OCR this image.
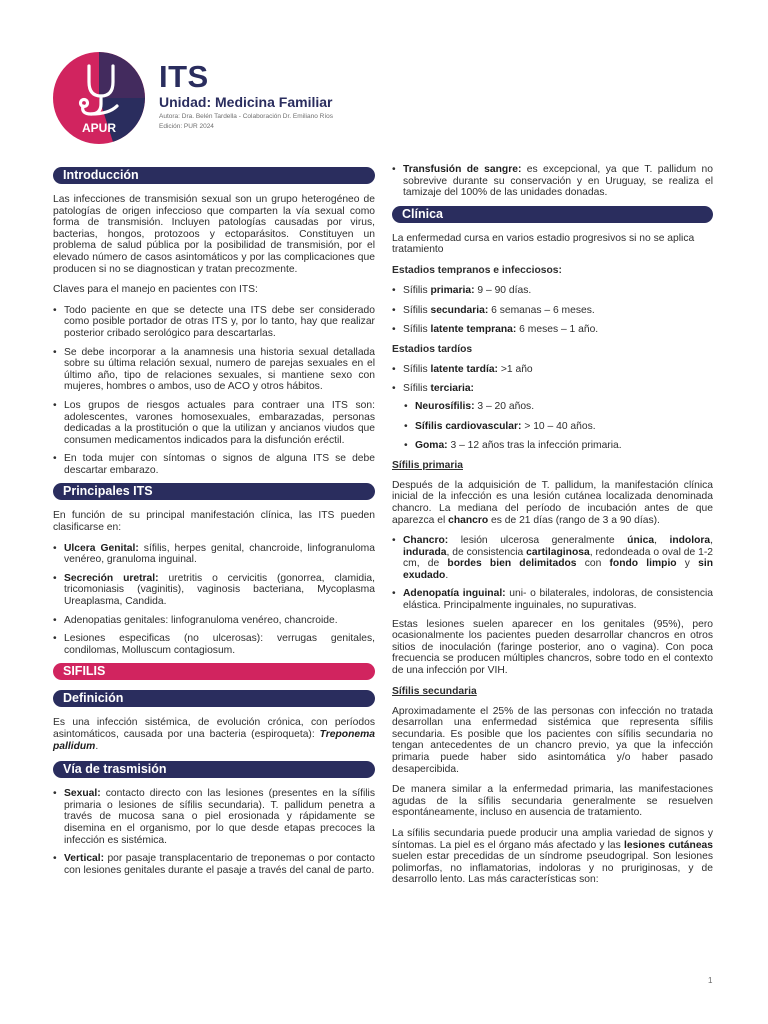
APUR
ITS
Unidad: Medicina Familiar
Autora: Dra. Belén Tardella - Colaboración Dr. Emiliano Ríos
Edición: PUR 2024
Introducción

Las infecciones de transmisión sexual son un grupo heterogéneo de patologías de origen infeccioso que comparten la vía sexual como forma de transmisión. Incluyen patologías causadas por virus, bacterias, hongos, protozoos y ectoparásitos. Constituyen un problema de salud pública por la posibilidad de transmisión, por el elevado número de casos asintomáticos y por las complicaciones que producen si no se diagnostican y tratan precozmente.

Claves para el manejo en pacientes con ITS:

• Todo paciente en que se detecte una ITS debe ser considerado como posible portador de otras ITS y, por lo tanto, hay que realizar posterior cribado serológico para descartarlas.
• Se debe incorporar a la anamnesis una historia sexual detallada sobre su última relación sexual, numero de parejas sexuales en el último año, tipo de relaciones sexuales, si mantiene sexo con mujeres, hombres o ambos, uso de ACO y otros hábitos.
• Los grupos de riesgos actuales para contraer una ITS son: adolescentes, varones homosexuales, embarazadas, personas dedicadas a la prostitución o que la utilizan y ancianos viudos que consumen medicamentos indicados para la disfunción eréctil.
• En toda mujer con síntomas o signos de alguna ITS se debe descartar embarazo.
Principales ITS

En función de su principal manifestación clínica, las ITS pueden clasificarse en:

• Ulcera Genital: sífilis, herpes genital, chancroide, linfogranuloma venéreo, granuloma inguinal.
• Secreción uretral: uretritis o cervicitis (gonorrea, clamidia, tricomoniasis (vaginitis), vaginosis bacteriana, Mycoplasma Ureaplasma, Candida.
• Adenopatias genitales: linfogranuloma venéreo, chancroide.
• Lesiones especificas (no ulcerosas): verrugas genitales, condilomas, Molluscum contagiosum.
SIFILIS
Definición

Es una infección sistémica, de evolución crónica, con períodos asintomáticos, causada por una bacteria (espiroqueta): Treponema pallidum.

Vía de trasmisión
• Sexual: contacto directo con las lesiones (presentes en la sífilis primaria o lesiones de sífilis secundaria). T. pallidum penetra a través de mucosa sana o piel erosionada y rápidamente se disemina en el organismo, por lo que desde etapas precoces la infección es sistémica.
• Vertical: por pasaje transplacentario de treponemas o por contacto con lesiones genitales durante el pasaje a través del canal de parto.
• Transfusión de sangre: es excepcional, ya que T. pallidum no sobrevive durante su conservación y en Uruguay, se realiza el tamizaje del 100% de las unidades donadas.
Clínica

La enfermedad cursa en varios estadio progresivos si no se aplica tratamiento

Estadios tempranos e infecciosos:
• Sífilis primaria: 9 – 90 días.
• Sífilis secundaria: 6 semanas – 6 meses.
• Sífilis latente temprana: 6 meses – 1 año.
Estadios tardíos
• Sífilis latente tardía: >1 año
• Sífilis terciaria:
• Neurosífilis: 3 – 20 años.
• Sífilis cardiovascular: > 10 – 40 años.
• Goma: 3 – 12 años tras la infección primaria.
Sífilis primaria

Después de la adquisición de T. pallidum, la manifestación clínica inicial de la infección es una lesión cutánea localizada denominada chancro. La mediana del período de incubación antes de que aparezca el chancro es de 21 días (rango de 3 a 90 días).

• Chancro: lesión ulcerosa generalmente única, indolora, indurada, de consistencia cartilaginosa, redondeada o oval de 1-2 cm, de bordes bien delimitados con fondo limpio y sin exudado.
• Adenopatía inguinal: uni- o bilaterales, indoloras, de consistencia elástica. Principalmente inguinales, no supurativas.

Estas lesiones suelen aparecer en los genitales (95%), pero ocasionalmente los pacientes pueden desarrollar chancros en otros sitios de inoculación (faringe posterior, ano o vagina). Con poca frecuencia se producen múltiples chancros, sobre todo en el contexto de una infección por VIH.

Sífilis secundaria

Aproximadamente el 25% de las personas con infección no tratada desarrollan una enfermedad sistémica que representa sífilis secundaria. Es posible que los pacientes con sífilis secundaria no tengan antecedentes de un chancro previo, ya que la infección primaria puede haber sido asintomática y/o haber pasado desapercibida.

De manera similar a la enfermedad primaria, las manifestaciones agudas de la sífilis secundaria generalmente se resuelven espontáneamente, incluso en ausencia de tratamiento.

La sífilis secundaria puede producir una amplia variedad de signos y síntomas. La piel es el órgano más afectado y las lesiones cutáneas suelen estar precedidas de un síndrome pseudogripal. Son lesiones polimorfas, no inflamatorias, indoloras y no pruriginosas, y de desarrollo lento. Las más características son:

1
